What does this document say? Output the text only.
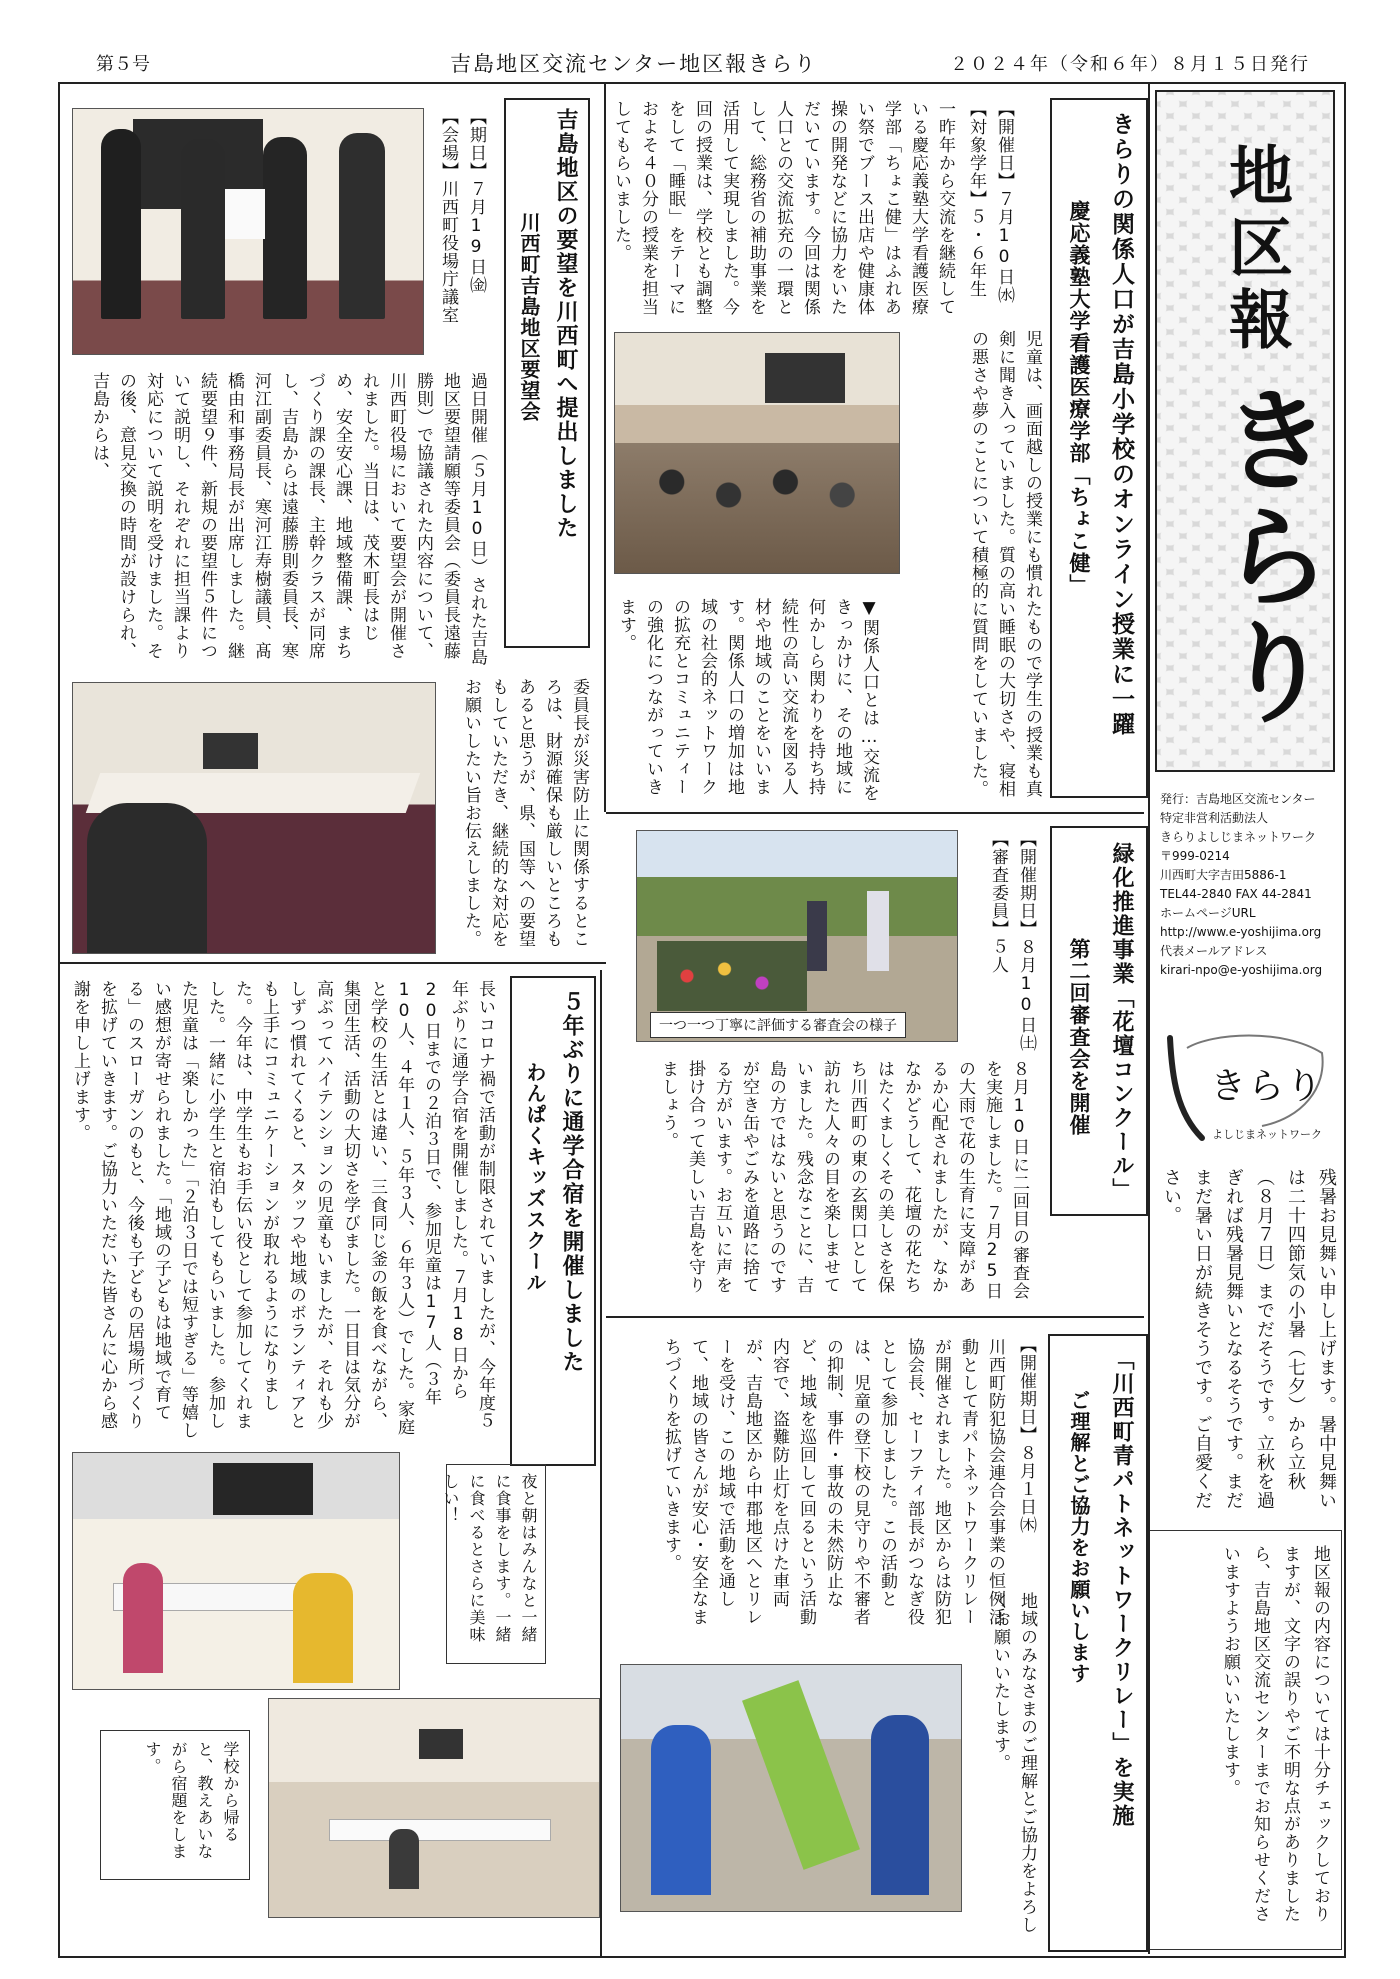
第５号	吉島地区交流センター地区報きらり	２０２４年（令和６年）８月１５日発行
地区報
きらり
発行：吉島地区交流センター
特定非営利活動法人
きらりよしじまネットワーク
〒999-0214
川西町大字吉田5886-1
TEL44-2840 FAX 44-2841
ホームページURL
http://www.e-yoshijima.org
代表メールアドレス
kirari-npo@e-yoshijima.org
きらり
よしじまネットワーク
残暑お見舞い申し上げます。暑中見舞いは二十四節気の小暑（七夕）から立秋（８月７日）までだそうです。立秋を過ぎれば残暑見舞いとなるそうです。まだまだ暑い日が続きそうです。ご自愛ください。
地区報の内容については十分チェックしておりますが、文字の誤りやご不明な点がありましたら、吉島地区交流センターまでお知らせくださいますようお願いいたします。
きらりの関係人口が吉島小学校のオンライン授業に一躍
慶応義塾大学看護医療学部「ちょこ健」
【開催日】７月10日㈬
【対象学年】５・６年生
一昨年から交流を継続している慶応義塾大学看護医療学部「ちょこ健」はふれあい祭でブース出店や健康体操の開発などに協力をいただいています。今回は関係人口との交流拡充の一環として、総務省の補助事業を活用して実現しました。今回の授業は、学校とも調整をして「睡眠」をテーマにおよそ４０分の授業を担当してもらいました。
児童は、画面越しの授業にも慣れたもので学生の授業も真剣に聞き入っていました。質の高い睡眠の大切さや、寝相の悪さや夢のことについて積極的に質問をしていました。
▼関係人口とは…交流をきっかけに、その地域に何かしら関わりを持ち持続性の高い交流を図る人材や地域のことをいいます。関係人口の増加は地域の社会的ネットワークの拡充とコミュニティーの強化につながっていきます。
吉島地区の要望を川西町へ提出しました
川西町吉島地区要望会
【期日】７月19日㈮
【会場】川西町役場庁議室
過日開催（５月10日）された吉島地区要望請願等委員会（委員長遠藤勝則）で協議された内容について、川西町役場において要望会が開催されました。当日は、茂木町長はじめ、安全安心課、地域整備課、まちづくり課の課長、主幹クラスが同席し、吉島からは遠藤勝則委員長、寒河江副委員長、寒河江寿樹議員、髙橋由和事務局長が出席しました。継続要望９件、新規の要望件５件について説明し、それぞれに担当課より対応について説明を受けました。その後、意見交換の時間が設けられ、吉島からは、
委員長が災害防止に関係するところは、財源確保も厳しいところもあると思うが、県、国等への要望もしていただき、継続的な対応をお願いしたい旨お伝えしました。
緑化推進事業「花壇コンクール」
第二回審査会を開催
【開催期日】８月10日㈯
【審査委員】５人
８月10日に二回目の審査会を実施しました。７月25日の大雨で花の生育に支障があるか心配されましたが、なかなかどうして、花壇の花たちはたくましくその美しさを保ち川西町の東の玄関口として訪れた人々の目を楽しませていました。残念なことに、吉島の方ではないと思うのですが空き缶やごみを道路に捨てる方がいます。お互いに声を掛け合って美しい吉島を守りましょう。
一つ一つ丁寧に評価する審査会の様子
５年ぶりに通学合宿を開催しました
わんぱくキッズスクール
長いコロナ禍で活動が制限されていましたが、今年度５年ぶりに通学合宿を開催しました。７月18日から20日までの２泊３日で、参加児童は17人（３年10人、４年１人、５年３人、６年３人）でした。家庭と学校の生活とは違い、三食同じ釜の飯を食べながら、集団生活、活動の大切さを学びました。一日目は気分が高ぶってハイテンションの児童もいましたが、それも少しずつ慣れてくると、スタッフや地域のボランティアとも上手にコミュニケーションが取れるようになりました。今年は、中学生もお手伝い役として参加してくれました。一緒に小学生と宿泊もしてもらいました。参加した児童は「楽しかった」「２泊３日では短すぎる」等嬉しい感想が寄せられました。「地域の子どもは地域で育てる」のスローガンのもと、今後も子どもの居場所づくりを拡げていきます。ご協力いただいた皆さんに心から感謝を申し上げます。
夜と朝はみんなと一緒に食事をします。一緒に食べるとさらに美味しい！
学校から帰ると、教えあいながら宿題をします。	「川西町青パトネットワークリレー」を実施
ご理解とご協力をお願いします
【開催期日】８月１日㈭
川西町防犯協会連合会事業の恒例活動として青パトネットワークリレーが開催されました。地区からは防犯協会長、セーフティ部長がつなぎ役として参加しました。この活動とは、児童の登下校の見守りや不審者の抑制、事件・事故の未然防止など、地域を巡回して回るという活動内容で、盗難防止灯を点けた車両が、吉島地区から中郡地区へとリレーを受け、この地域で活動を通して、地域の皆さんが安心・安全なまちづくりを拡げていきます。
地域のみなさまのご理解とご協力をよろしくお願いいたします。
